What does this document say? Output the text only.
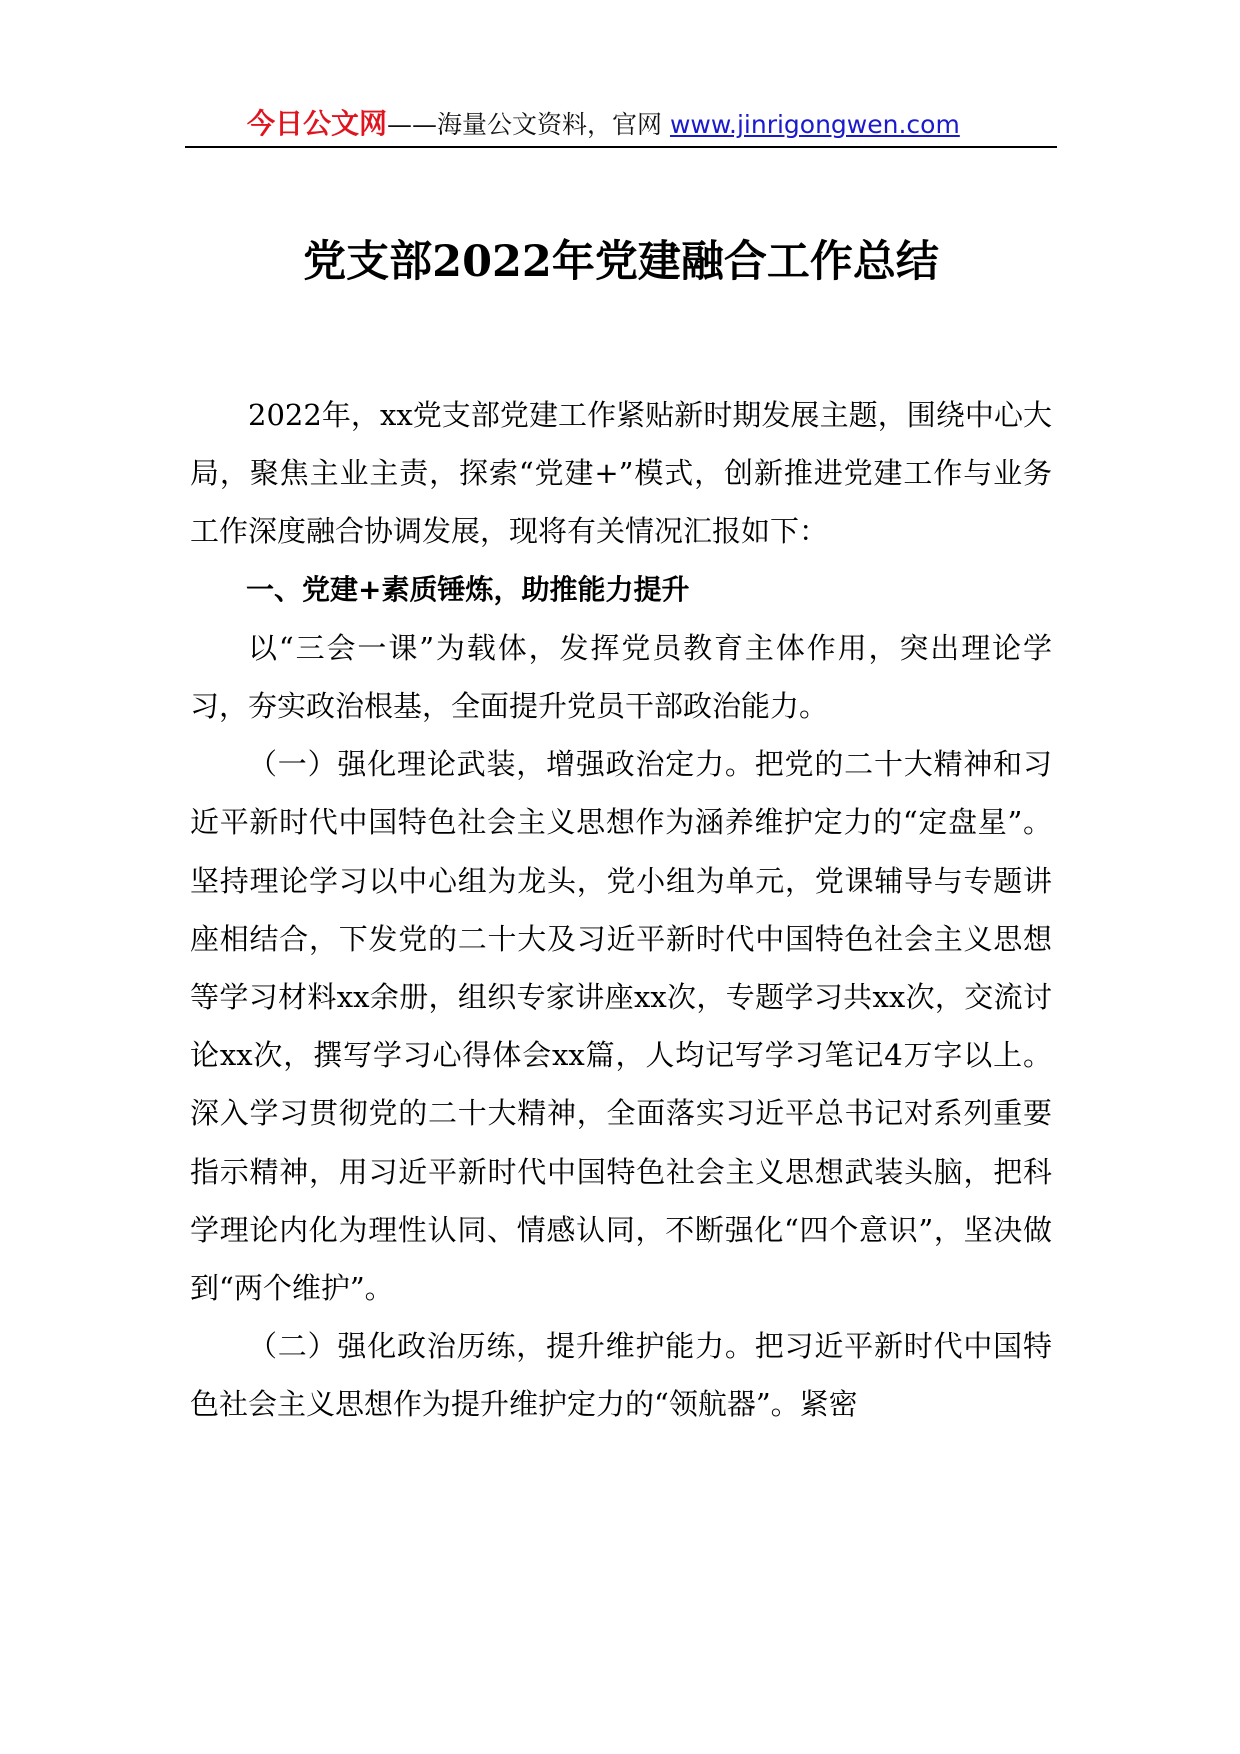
今日公文网——海量公文资料，官网 www.jinrigongwen.com
党支部2022年党建融合工作总结

2022年，xx党支部党建工作紧贴新时期发展主题，围绕中心大局，聚焦主业主责，探索“党建+”模式，创新推进党建工作与业务工作深度融合协调发展，现将有关情况汇报如下：

一、党建+素质锤炼，助推能力提升

以“三会一课”为载体，发挥党员教育主体作用，突出理论学习，夯实政治根基，全面提升党员干部政治能力。

（一）强化理论武装，增强政治定力。把党的二十大精神和习近平新时代中国特色社会主义思想作为涵养维护定力的“定盘星”。坚持理论学习以中心组为龙头，党小组为单元，党课辅导与专题讲座相结合，下发党的二十大及习近平新时代中国特色社会主义思想等学习材料xx余册，组织专家讲座xx次，专题学习共xx次，交流讨论xx次，撰写学习心得体会xx篇，人均记写学习笔记4万字以上。深入学习贯彻党的二十大精神，全面落实习近平总书记对系列重要指示精神，用习近平新时代中国特色社会主义思想武装头脑，把科学理论内化为理性认同、情感认同，不断强化“四个意识”，坚决做到“两个维护”。

（二）强化政治历练，提升维护能力。把习近平新时代中国特色社会主义思想作为提升维护定力的“领航器”。紧密
